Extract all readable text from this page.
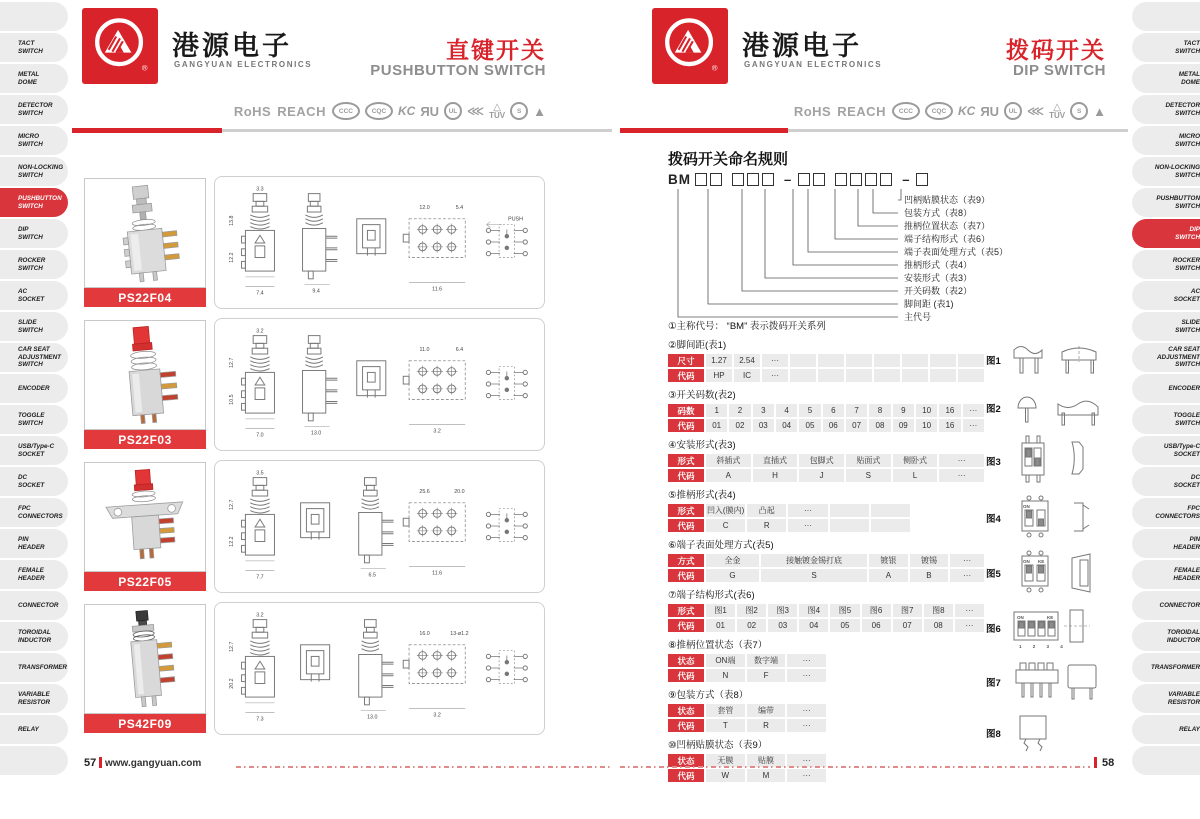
TACT
SWITCH
METAL
DOME
DETECTOR
SWITCH
MICRO
SWITCH
NON-LOCKING
SWITCH
PUSHBUTTON
SWITCH
DIP
SWITCH
ROCKER
SWITCH
AC
SOCKET
SLIDE
SWITCH
CAR SEAT
ADJUSTMENT
SWITCH
ENCODER
TOGGLE
SWITCH
USB/Type-C
SOCKET
DC
SOCKET
FPC
CONNECTORS
PIN
HEADER
FEMALE
HEADER
CONNECTOR
TOROIDAL
INDUCTOR
TRANSFORMER
VARIABLE
RESISTOR
RELAY
TACT
SWITCH
METAL
DOME
DETECTOR
SWITCH
MICRO
SWITCH
NON-LOCKING
SWITCH
PUSHBUTTON
SWITCH
DIP
SWITCH
ROCKER
SWITCH
AC
SOCKET
SLIDE
SWITCH
CAR SEAT
ADJUSTMENT
SWITCH
ENCODER
TOGGLE
SWITCH
USB/Type-C
SOCKET
DC
SOCKET
FPC
CONNECTORS
PIN
HEADER
FEMALE
HEADER
CONNECTOR
TOROIDAL
INDUCTOR
TRANSFORMER
VARIABLE
RESISTOR
RELAY
®
港源电子
GANGYUAN ELECTRONICS
直键开关
PUSHBUTTON SWITCH
RoHS REACH	CCC	CQC KC ЯU	UL ⋘ △ TÜV	S ▲
PS22F04
PS22F03
PS22F05
PS42F09
3.3
13.8
12.2
7.4	9.4
12.0	5.4
11.6
PUSH
3.2
12.7
10.5
7.0	13.0
11.0	6.4
3.2
3.5
12.7
12.2
7.7	6.5
25.6	20.0
11.6
3.2
12.7
20.2
7.3	13.0
16.0	13-ø1.2
3.2
57 www.gangyuan.com
®
港源电子
GANGYUAN ELECTRONICS
拨码开关
DIP SWITCH
RoHS REACH	CCC	CQC KC ЯU	UL ⋘ △ TÜV	S ▲
拨码开关命名规则
BM	–	–
凹柄贴膜状态（表9）
包装方式（表8）
推柄位置状态（表7）
端子结构形式（表6）
端子表面处理方式（表5）
推柄形式（表4）
安装形式（表3）
开关码数（表2）
脚间距 (表1)
主代号
①主称代号： “BM” 表示拨码开关系列
②脚间距(表1)
尺寸	1.27	2.54	···
代码	HP	IC	···
③开关码数(表2)
码数	1	2	3	4	5	6	7	8	9	10	16	···
代码	01	02	03	04	05	06	07	08	09	10	16	···
④安装形式(表3)
形式	斜插式	直插式	包脚式	贴面式	侧卧式	···
代码	A	H	J	S	L	···
⑤推柄形式(表4)
形式	凹入(膜内)	凸起	···
代码	C	R	···
⑥端子表面处理方式(表5)
方式	全金	接触镀金锡打底	镀银	镀锡	···
代码	G	S	A	B	···
⑦端子结构形式(表6)
形式	图1	图2	图3	图4	图5	图6	图7	图8	···
代码	01	02	03	04	05	06	07	08	···
⑧推柄位置状态（表7）
状态	ON端	数字端	···
代码	N	F	···
⑨包装方式（表8）
状态	套管	编带	···
代码	T	R	···
⑩凹柄贴膜状态（表9）
状态	无膜	贴膜	···
代码	W	M	···
图1
图2
图3
图4
ON
图5
ON KE
图6
ON	KE
1 2 3 4
图7
图8
58
